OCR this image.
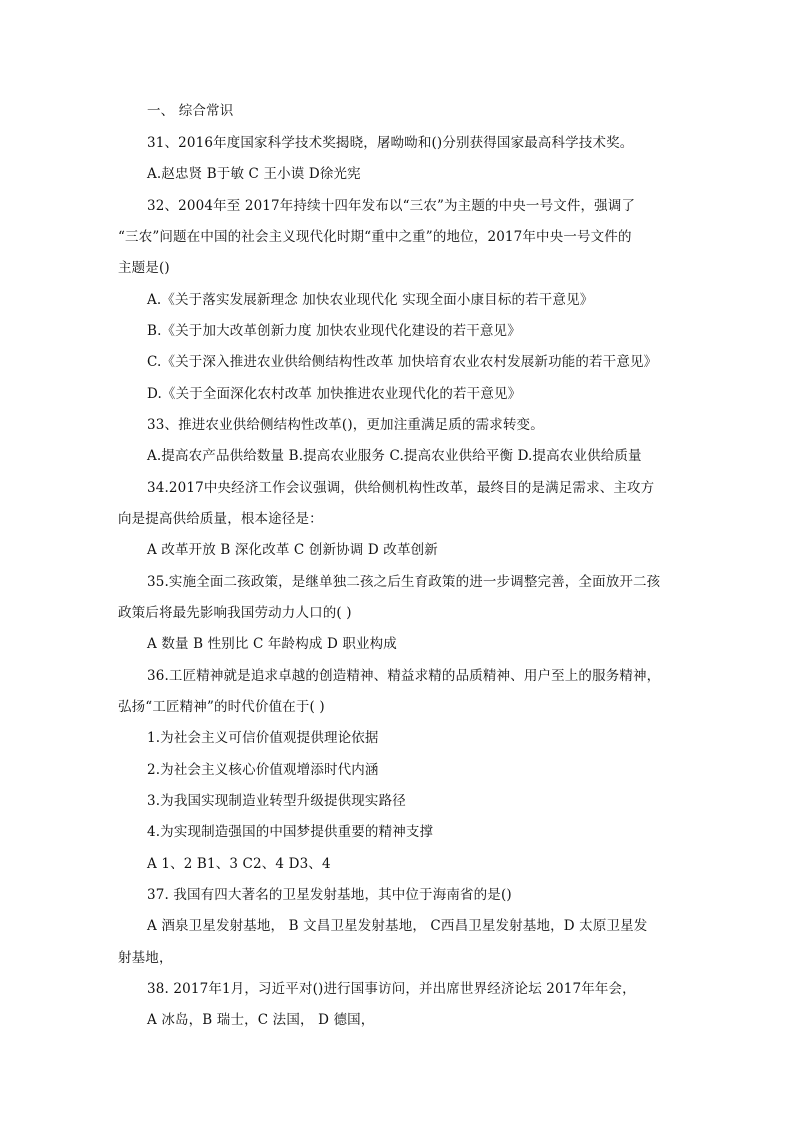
一、 综合常识
31、2016年度国家科学技术奖揭晓，屠呦呦和()分别获得国家最高科学技术奖。
A.赵忠贤 B于敏 C 王小谟 D徐光宪
32、2004年至 2017年持续十四年发布以“三农”为主题的中央一号文件，强调了
“三农”问题在中国的社会主义现代化时期“重中之重”的地位，2017年中央一号文件的
主题是()
A.《关于落实发展新理念 加快农业现代化 实现全面小康目标的若干意见》
B.《关于加大改革创新力度 加快农业现代化建设的若干意见》
C.《关于深入推进农业供给侧结构性改革 加快培育农业农村发展新功能的若干意见》
D.《关于全面深化农村改革 加快推进农业现代化的若干意见》
33、推进农业供给侧结构性改革()，更加注重满足质的需求转变。
A.提高农产品供给数量 B.提高农业服务 C.提高农业供给平衡 D.提高农业供给质量
34.2017中央经济工作会议强调，供给侧机构性改革，最终目的是满足需求、主攻方
向是提高供给质量，根本途径是：
A 改革开放 B 深化改革 C 创新协调 D 改革创新
35.实施全面二孩政策，是继单独二孩之后生育政策的进一步调整完善，全面放开二孩
政策后将最先影响我国劳动力人口的( )
A 数量 B 性别比 C 年龄构成 D 职业构成
36.工匠精神就是追求卓越的创造精神、精益求精的品质精神、用户至上的服务精神，
弘扬“工匠精神”的时代价值在于( )
1.为社会主义可信价值观提供理论依据
2.为社会主义核心价值观增添时代内涵
3.为我国实现制造业转型升级提供现实路径
4.为实现制造强国的中国梦提供重要的精神支撑
A 1、2 B1、3 C2、4 D3、4
37. 我国有四大著名的卫星发射基地，其中位于海南省的是()
A 酒泉卫星发射基地， B 文昌卫星发射基地， C西昌卫星发射基地，D 太原卫星发
射基地，
38. 2017年1月，习近平对()进行国事访问，并出席世界经济论坛 2017年年会，
A 冰岛，B 瑞士，C 法国， D 德国，
